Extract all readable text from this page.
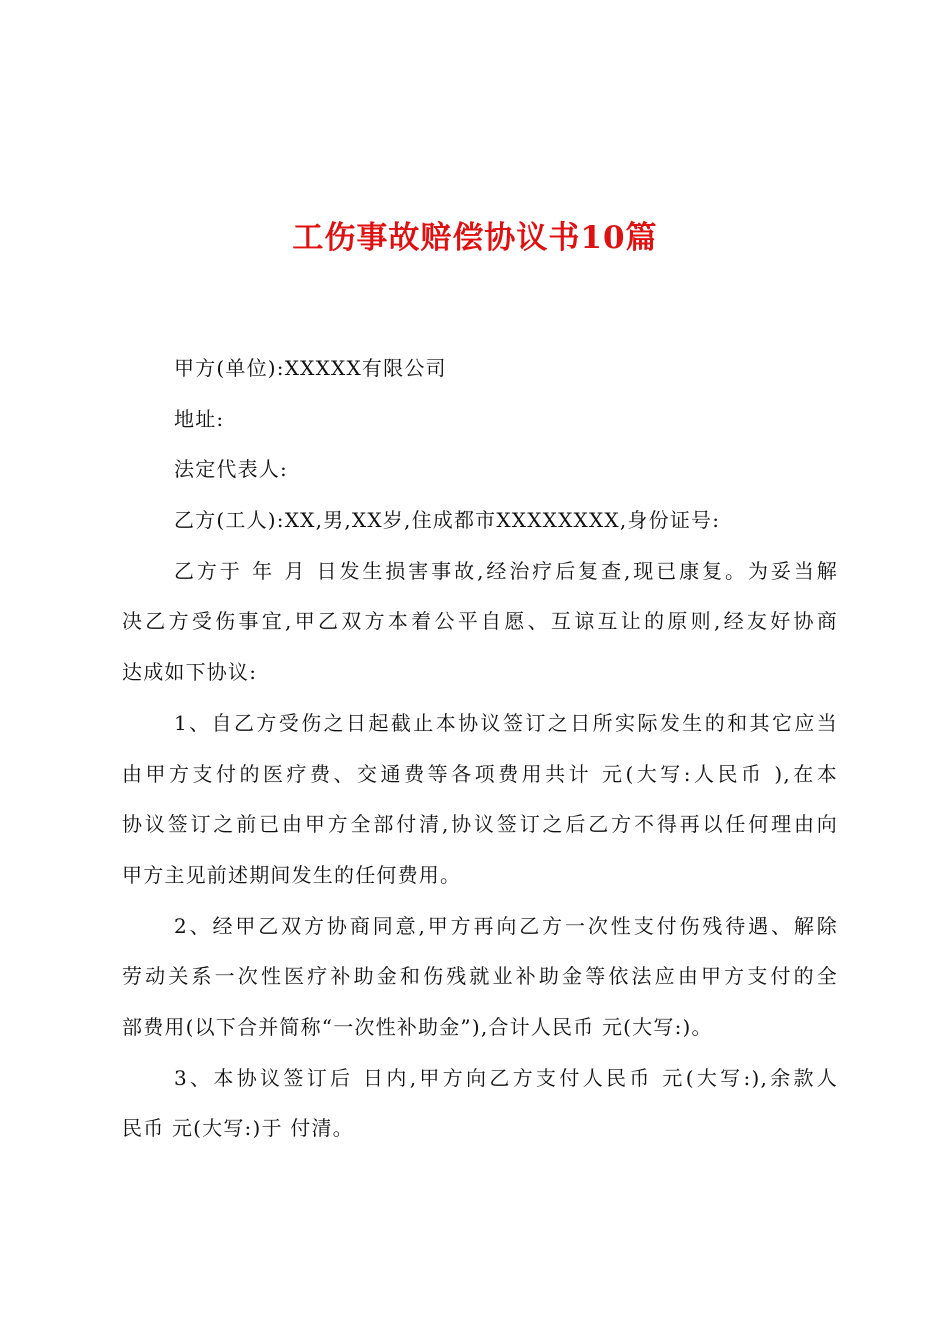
工伤事故赔偿协议书10篇
甲方(单位):XXXXX有限公司
地址:
法定代表人:
乙方(工人):XX,男,XX岁,住成都市XXXXXXXX,身份证号:
乙方于 年 月 日发生损害事故,经治疗后复查,现已康复。为妥当解
决乙方受伤事宜,甲乙双方本着公平自愿、互谅互让的原则,经友好协商
达成如下协议:
1、自乙方受伤之日起截止本协议签订之日所实际发生的和其它应当
由甲方支付的医疗费、交通费等各项费用共计 元(大写:人民币 ),在本
协议签订之前已由甲方全部付清,协议签订之后乙方不得再以任何理由向
甲方主见前述期间发生的任何费用。
2、经甲乙双方协商同意,甲方再向乙方一次性支付伤残待遇、解除
劳动关系一次性医疗补助金和伤残就业补助金等依法应由甲方支付的全
部费用(以下合并简称“一次性补助金”),合计人民币 元(大写:)。
3、本协议签订后 日内,甲方向乙方支付人民币 元(大写:),余款人
民币 元(大写:)于 付清。
